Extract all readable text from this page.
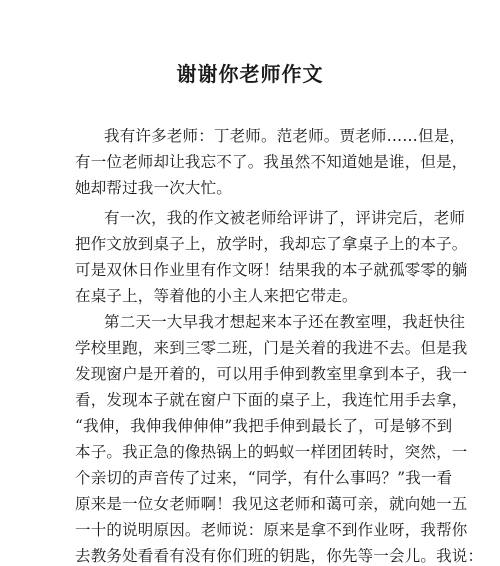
谢谢你老师作文

我有许多老师：丁老师。范老师。贾老师……但是，

有一位老师却让我忘不了。我虽然不知道她是谁，但是，

她却帮过我一次大忙。

有一次，我的作文被老师给评讲了，评讲完后，老师

把作文放到桌子上，放学时，我却忘了拿桌子上的本子。

可是双休日作业里有作文呀！结果我的本子就孤零零的躺

在桌子上，等着他的小主人来把它带走。

第二天一大早我才想起来本子还在教室哩，我赶快往

学校里跑，来到三零二班，门是关着的我进不去。但是我

发现窗户是开着的，可以用手伸到教室里拿到本子，我一

看，发现本子就在窗户下面的桌子上，我连忙用手去拿，

“我伸，我伸我伸伸伸”我把手伸到最长了，可是够不到

本子。我正急的像热锅上的蚂蚁一样团团转时，突然，一

个亲切的声音传了过来，“同学，有什么事吗？”我一看

原来是一位女老师啊！我见这老师和蔼可亲，就向她一五

一十的说明原因。老师说：原来是拿不到作业呀，我帮你

去教务处看看有没有你们班的钥匙，你先等一会儿。我说：
